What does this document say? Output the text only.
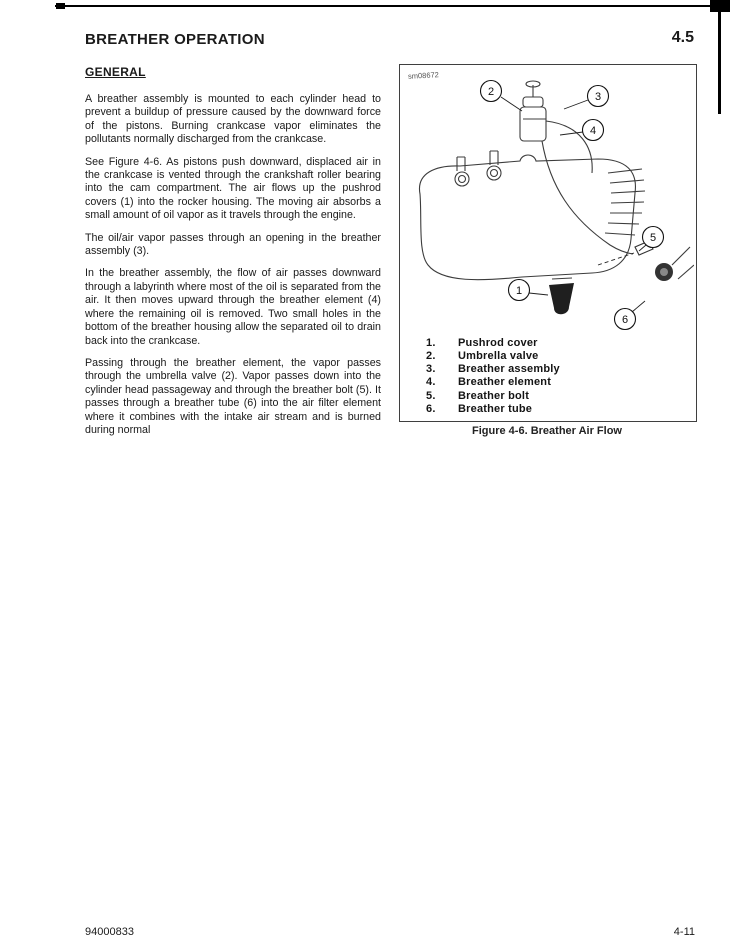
BREATHER OPERATION	4.5
GENERAL

A breather assembly is mounted to each cylinder head to prevent a buildup of pressure caused by the downward force of the pistons. Burning crankcase vapor eliminates the pollutants normally discharged from the crankcase.

See Figure 4-6. As pistons push downward, displaced air in the crankcase is vented through the crankshaft roller bearing into the cam compartment. The air flows up the pushrod covers (1) into the rocker housing. The moving air absorbs a small amount of oil vapor as it travels through the engine.

The oil/air vapor passes through an opening in the breather assembly (3).

In the breather assembly, the flow of air passes downward through a labyrinth where most of the oil is separated from the air. It then moves upward through the breather element (4) where the remaining oil is removed. Two small holes in the bottom of the breather housing allow the separated oil to drain back into the crankcase.

Passing through the breather element, the vapor passes through the umbrella valve (2). Vapor passes down into the cylinder head passageway and through the breather bolt (5). It passes through a breather tube (6) into the air filter element where it combines with the intake air stream and is burned during normal

sm08672
2	3
4
5
1
6
1.	Pushrod cover
2.	Umbrella valve
3.	Breather assembly
4.	Breather element
5.	Breather bolt
6.	Breather tube
Figure 4-6. Breather Air Flow
94000833	4-11
